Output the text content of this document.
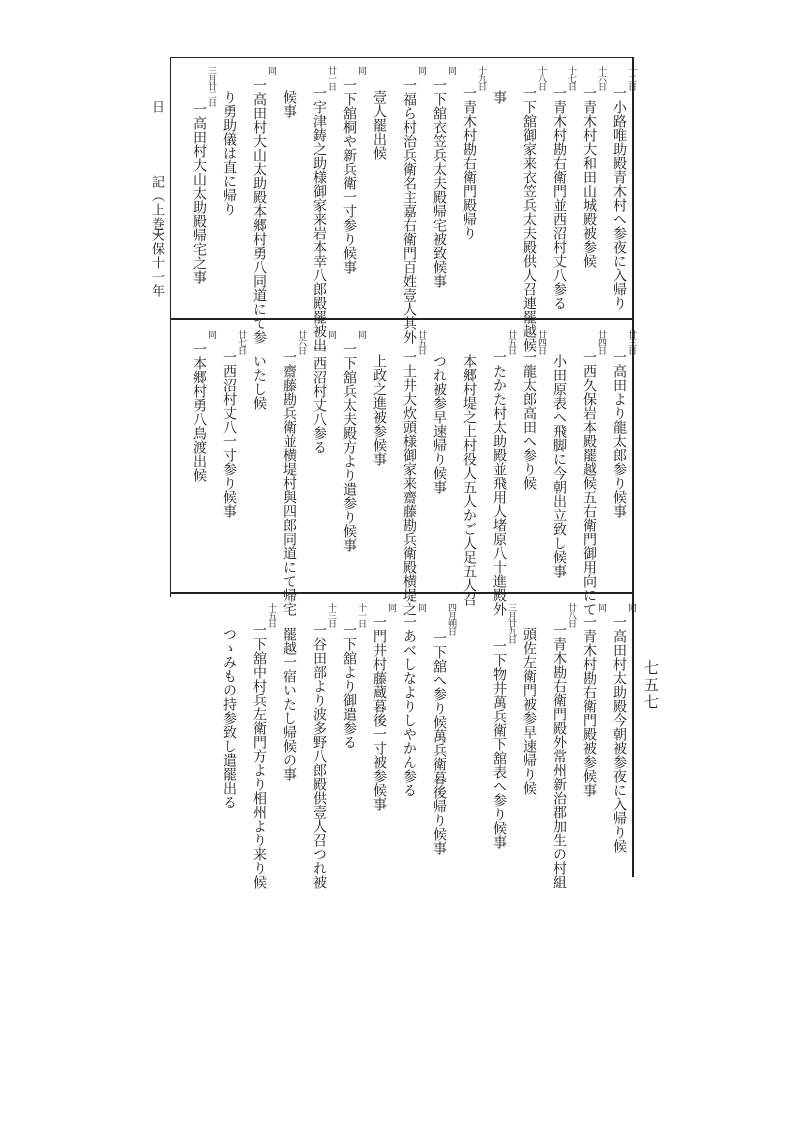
日
記（上巻）
天保十一年
七五七
十二日
一小路唯助殿青木村へ参夜に入帰り
十六日
一青木村大和田山城殿被参候
十七日
一青木村勘右衛門並西沼村丈八参る
十八日
一下舘御家来衣笠兵太夫殿供人召連罷越候
事
十九日
一青木村勘右衛門殿帰り
同
一下舘衣笠兵太夫殿帰宅被致候事
同
一福ら村治兵衛名主嘉右衛門百姓壹人其外
壹人罷出候
同
一下舘桐や新兵衛一寸参り候事
廿一日
一宇津鋳之助様御家来岩本幸八郎殿罷被出
候事
同
一高田村大山太助殿本郷村勇八同道にて参
り勇助儀は直に帰り
三月廿二日
一高田村大山太助殿帰宅之事
廿三日
一高田より龍太郎参り候事
廿四日
一西久保岩本殿罷越候五右衛門御用向にて
小田原表へ飛脚に今朝出立致し候事
廿四日
一龍太郎高田へ参り候
廿五日
一たかた村太助殿並飛用人堵原八十進殿外
本郷村堤之上村役人五人かご人足五人召
つれ被参早速帰り候事
廿五日
一土井大炊頭様御家来齋藤勘兵衛殿横堤之
上政之進被参候事
同
一下舘兵太夫殿方より遣参り候事
同
一西沼村丈八参る
廿六日
一齋藤勘兵衛並横堤村與四郎同道にて帰宅
いたし候
廿七日
一西沼村丈八一寸参り候事
同
一本郷村勇八鳥渡出候
同
一高田村太助殿今朝被参夜に入帰り候
同
一青木村勘右衛門殿被参候事
廿八日
一青木勘右衛門殿外常州新治郡加生の村組
頭佐左衛門被参早速帰り候
三月廿九日
一下物井萬兵衛下舘表へ参り候事
四月朔日
一下舘へ参り候萬兵衛暮後帰り候事
同
一あべしなよりしやかん参る
同
一門井村藤蔵暮後一寸被参候事
十一日
一下舘より御遣参る
十三日
一谷田部より波多野八郎殿供壹人召つれ被
罷越一宿いたし帰候の事
十五日
一下舘中村兵左衛門方より相州より来り候
つゝみもの持参致し遣罷出る
